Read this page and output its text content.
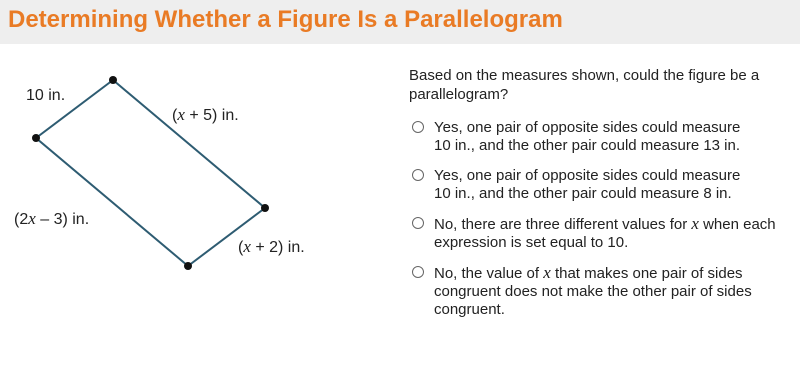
Determining Whether a Figure Is a Parallelogram
10 in.
(x + 5) in.
(2x – 3) in.
(x + 2) in.
Based on the measures shown, could the figure be a parallelogram?
Yes, one pair of opposite sides could measure
10 in., and the other pair could measure 13 in.
Yes, one pair of opposite sides could measure
10 in., and the other pair could measure 8 in.
No, there are three different values for x when each
expression is set equal to 10.
No, the value of x that makes one pair of sides
congruent does not make the other pair of sides
congruent.
